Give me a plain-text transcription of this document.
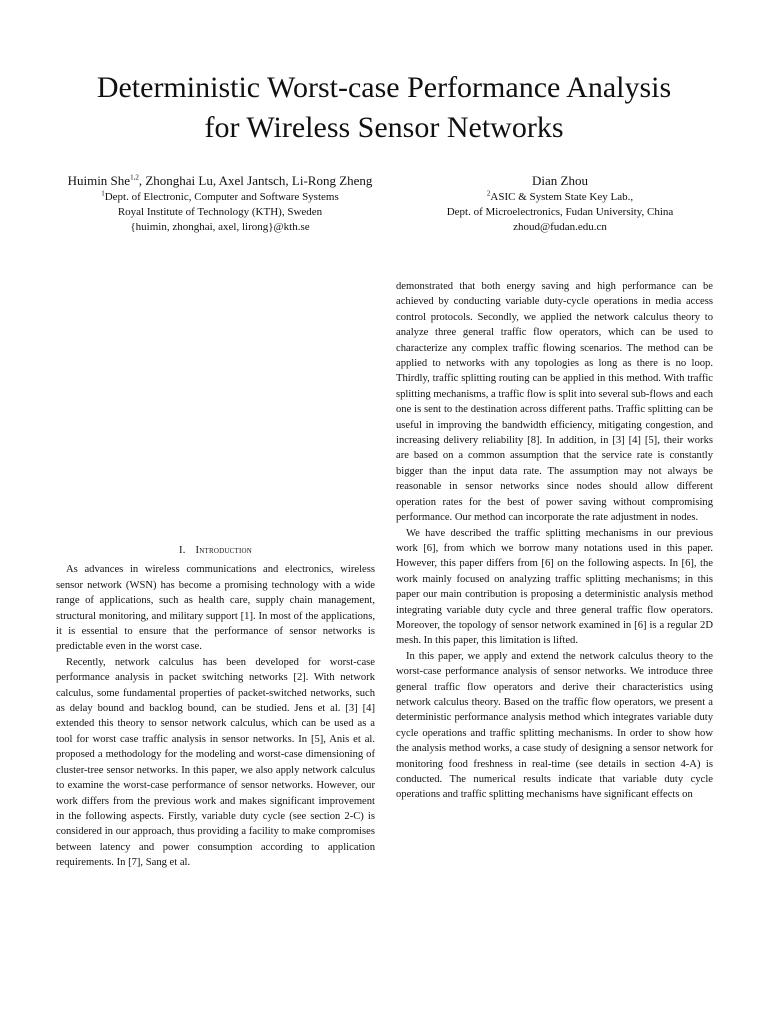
Deterministic Worst-case Performance Analysis
for Wireless Sensor Networks
Huimin She$^{1,2}$, Zhonghai Lu, Axel Jantsch, Li-Rong Zheng
$^1$Dept. of Electronic, Computer and Software Systems
Royal Institute of Technology (KTH), Sweden
{huimin, zhonghai, axel, lirong}@kth.se
Dian Zhou
$^2$ASIC & System State Key Lab.,
Dept. of Microelectronics, Fudan University, China
zhoud@fudan.edu.cn
I. Introduction

As advances in wireless communications and electronics, wireless sensor network (WSN) has become a promising technology with a wide range of applications, such as health care, supply chain management, structural monitoring, and military support [1]. In most of the applications, it is essential to ensure that the performance of sensor networks is predictable even in the worst case.

Recently, network calculus has been developed for worst-case performance analysis in packet switching networks [2]. With network calculus, some fundamental properties of packet-switched networks, such as delay bound and backlog bound, can be studied. Jens et al. [3] [4] extended this theory to sensor network calculus, which can be used as a tool for worst case traffic analysis in sensor networks. In [5], Anis et al. proposed a methodology for the modeling and worst-case dimensioning of cluster-tree sensor networks. In this paper, we also apply network calculus to examine the worst-case performance of sensor networks. However, our work differs from the previous work and makes significant improvement in the following aspects. Firstly, variable duty cycle (see section 2-C) is considered in our approach, thus providing a facility to make compromises between latency and power consumption according to application requirements. In [7], Sang et al.

demonstrated that both energy saving and high performance can be achieved by conducting variable duty-cycle operations in media access control protocols. Secondly, we applied the network calculus theory to analyze three general traffic flow operators, which can be used to characterize any complex traffic flowing scenarios. The method can be applied to networks with any topologies as long as there is no loop. Thirdly, traffic splitting routing can be applied in this method. With traffic splitting mechanisms, a traffic flow is split into several sub-flows and each one is sent to the destination across different paths. Traffic splitting can be useful in improving the bandwidth efficiency, mitigating congestion, and increasing delivery reliability [8]. In addition, in [3] [4] [5], their works are based on a common assumption that the service rate is constantly bigger than the input data rate. The assumption may not always be reasonable in sensor networks since nodes should allow different operation rates for the best of power saving without compromising performance. Our method can incorporate the rate adjustment in nodes.

We have described the traffic splitting mechanisms in our previous work [6], from which we borrow many notations used in this paper. However, this paper differs from [6] on the following aspects. In [6], the work mainly focused on analyzing traffic splitting mechanisms; in this paper our main contribution is proposing a deterministic analysis method integrating variable duty cycle and three general traffic flow operators. Moreover, the topology of sensor network examined in [6] is a regular 2D mesh. In this paper, this limitation is lifted.

In this paper, we apply and extend the network calculus theory to the worst-case performance analysis of sensor networks. We introduce three general traffic flow operators and derive their characteristics using network calculus theory. Based on the traffic flow operators, we present a deterministic performance analysis method which integrates variable duty cycle operations and traffic splitting mechanisms. In order to show how the analysis method works, a case study of designing a sensor network for monitoring food freshness in real-time (see details in section 4-A) is conducted. The numerical results indicate that variable duty cycle operations and traffic splitting mechanisms have significant effects on
